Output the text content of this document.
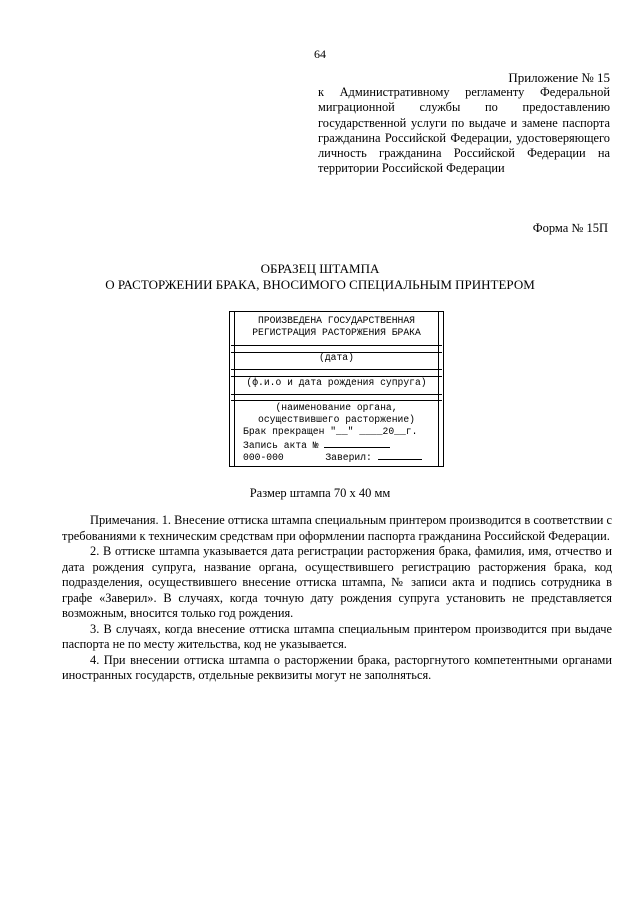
64
Приложение № 15
к Административному регламенту Федеральной миграционной службы по предоставлению государственной услуги по выдаче и замене паспорта гражданина Российской Федерации, удостоверяющего личность гражданина Российской Федерации на территории Российской Федерации
Форма № 15П
ОБРАЗЕЦ ШТАМПА
О РАСТОРЖЕНИИ БРАКА, ВНОСИМОГО СПЕЦИАЛЬНЫМ ПРИНТЕРОМ
ПРОИЗВЕДЕНА ГОСУДАРСТВЕННАЯ
РЕГИСТРАЦИЯ РАСТОРЖЕНИЯ БРАКА
(дата)
(ф.и.о и дата рождения супруга)
(наименование органа,
осуществившего расторжение)
Брак прекращен "__" ____20__г.
Запись акта №
000-000	Заверил:
Размер штампа 70 х 40 мм

Примечания. 1. Внесение оттиска штампа специальным принтером производится в соответствии с требованиями к техническим средствам при оформлении паспорта гражданина Российской Федерации.

2. В оттиске штампа указывается дата регистрации расторжения брака, фамилия, имя, отчество и дата рождения супруга, название органа, осуществившего регистрацию расторжения брака, код подразделения, осуществившего внесение оттиска штампа, № записи акта и подпись сотрудника в графе «Заверил». В случаях, когда точную дату рождения супруга установить не представляется возможным, вносится только год рождения.

3. В случаях, когда внесение оттиска штампа специальным принтером производится при выдаче паспорта не по месту жительства, код не указывается.

4. При внесении оттиска штампа о расторжении брака, расторгнутого компетентными органами иностранных государств, отдельные реквизиты могут не заполняться.
